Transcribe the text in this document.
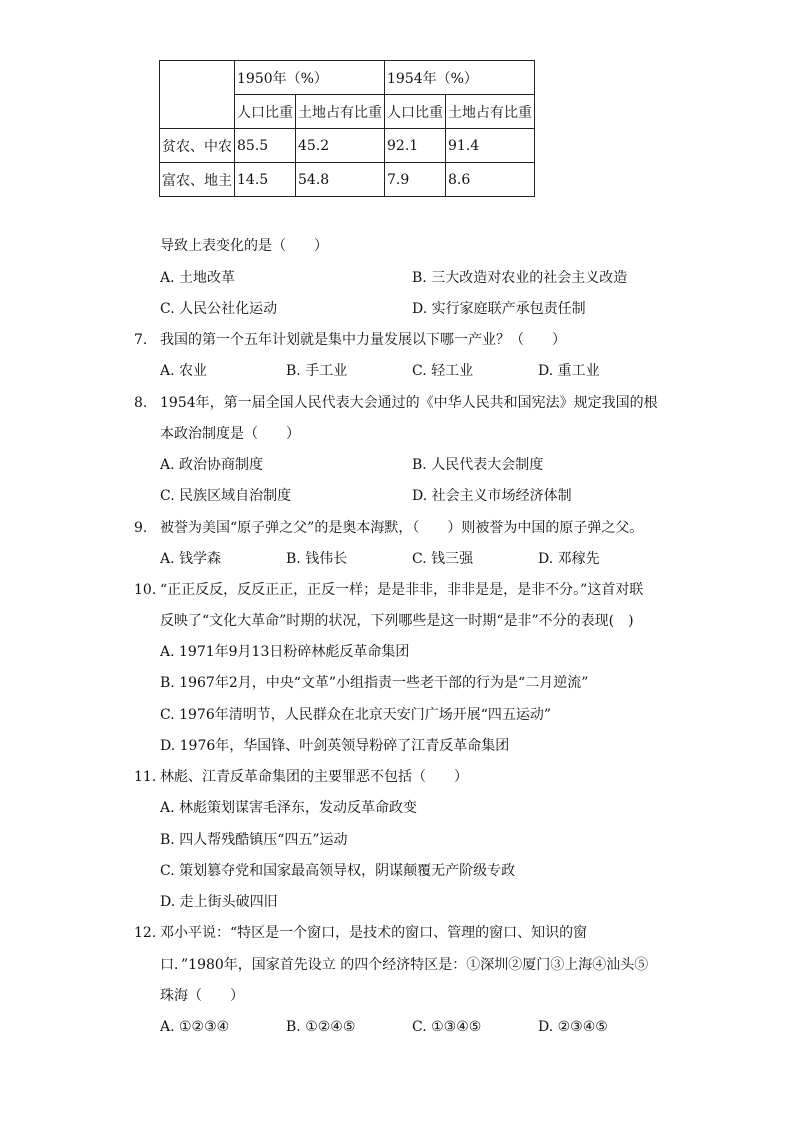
	1950年（%）		1954年（%）	
	人口比重	土地占有比重	人口比重	土地占有比重
贫农、中农	85.5	45.2	92.1	91.4
富农、地主	14.5	54.8	7.9	8.6
导致上表变化的是（　　）
A. 土地改革	B. 三大改造对农业的社会主义改造
C. 人民公社化运动	D. 实行家庭联产承包责任制
7. 我国的第一个五年计划就是集中力量发展以下哪一产业？（　　）
A. 农业	B. 手工业	C. 轻工业	D. 重工业
8. 1954年，第一届全国人民代表大会通过的《中华人民共和国宪法》规定我国的根
本政治制度是（　　）
A. 政治协商制度	B. 人民代表大会制度
C. 民族区域自治制度	D. 社会主义市场经济体制
9. 被誉为美国“原子弹之父”的是奥本海默，（　　）则被誉为中国的原子弹之父。
A. 钱学森	B. 钱伟长	C. 钱三强	D. 邓稼先
10. “正正反反，反反正正，正反一样；是是非非，非非是是，是非不分。”这首对联
反映了“文化大革命”时期的状况，下列哪些是这一时期“是非”不分的表现(　)
A. 1971年9月13日粉碎林彪反革命集团
B. 1967年2月，中央“文革”小组指责一些老干部的行为是“二月逆流”
C. 1976年清明节，人民群众在北京天安门广场开展“四五运动”
D. 1976年，华国锋、叶剑英领导粉碎了江青反革命集团
11. 林彪、江青反革命集团的主要罪恶不包括（　　）
A. 林彪策划谋害毛泽东，发动反革命政变
B. 四人帮残酷镇压“四五”运动
C. 策划篡夺党和国家最高领导权，阴谋颠覆无产阶级专政
D. 走上街头破四旧
12. 邓小平说：“特区是一个窗口，是技术的窗口、管理的窗口、知识的窗
口．”1980年，国家首先设立 的四个经济特区是：①深圳②厦门③上海④汕头⑤
珠海（　　）
A. ①②③④	B. ①②④⑤	C. ①③④⑤	D. ②③④⑤
